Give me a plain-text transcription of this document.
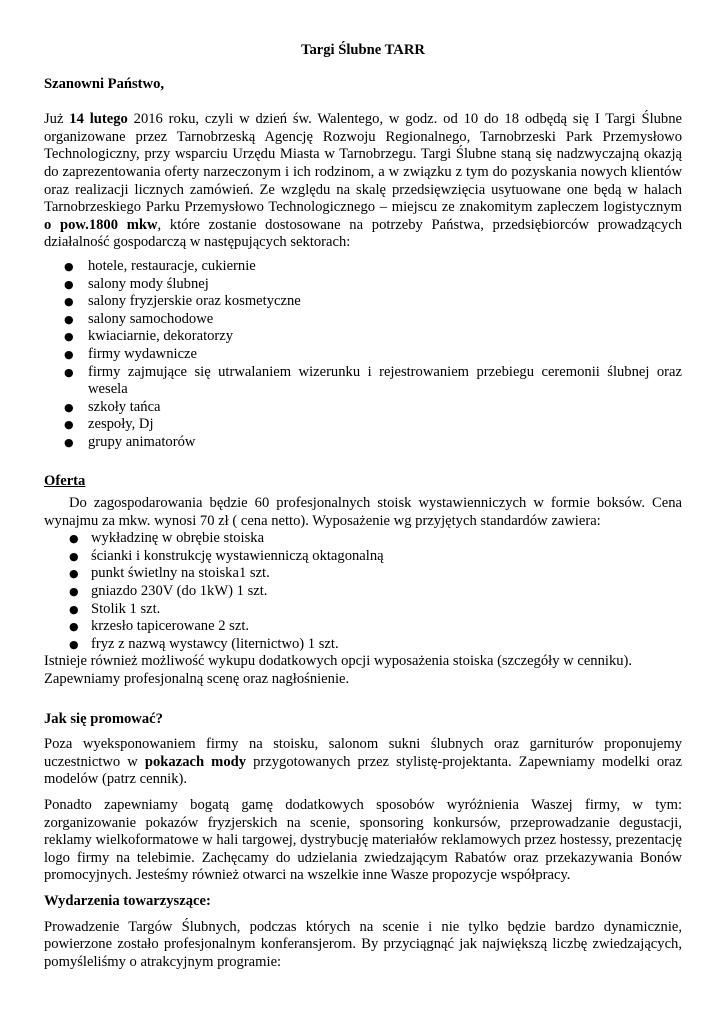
Targi Ślubne TARR

Szanowni Państwo,

Już 14 lutego 2016 roku, czyli w dzień św. Walentego, w godz. od 10 do 18 odbędą się I Targi Ślubne organizowane przez Tarnobrzeską Agencję Rozwoju Regionalnego, Tarnobrzeski Park Przemysłowo Technologiczny, przy wsparciu Urzędu Miasta w Tarnobrzegu. Targi Ślubne staną się nadzwyczajną okazją do zaprezentowania oferty narzeczonym i ich rodzinom, a w związku z tym do pozyskania nowych klientów oraz realizacji licznych zamówień. Ze względu na skalę przedsięwzięcia usytuowane one będą w halach Tarnobrzeskiego Parku Przemysłowo Technologicznego – miejscu ze znakomitym zapleczem logistycznym o pow.1800 mkw, które zostanie dostosowane na potrzeby Państwa, przedsiębiorców prowadzących działalność gospodarczą w następujących sektorach:

● hotele, restauracje, cukiernie
● salony mody ślubnej
● salony fryzjerskie oraz kosmetyczne
● salony samochodowe
● kwiaciarnie, dekoratorzy
● firmy wydawnicze
● firmy zajmujące się utrwalaniem wizerunku i rejestrowaniem przebiegu ceremonii ślubnej oraz wesela
● szkoły tańca
● zespoły, Dj
● grupy animatorów

Oferta

Do zagospodarowania będzie 60 profesjonalnych stoisk wystawienniczych w formie boksów. Cena wynajmu za mkw. wynosi 70 zł ( cena netto). Wyposażenie wg przyjętych standardów zawiera:

● wykładzinę w obrębie stoiska
● ścianki i konstrukcję wystawienniczą oktagonalną
● punkt świetlny na stoiska1 szt.
● gniazdo 230V (do 1kW) 1 szt.
● Stolik 1 szt.
● krzesło tapicerowane 2 szt.
● fryz z nazwą wystawcy (liternictwo) 1 szt.

Istnieje również możliwość wykupu dodatkowych opcji wyposażenia stoiska (szczegóły w cenniku).

Zapewniamy profesjonalną scenę oraz nagłośnienie.

Jak się promować?

Poza wyeksponowaniem firmy na stoisku, salonom sukni ślubnych oraz garniturów proponujemy uczestnictwo w pokazach mody przygotowanych przez stylistę-projektanta. Zapewniamy modelki oraz modelów (patrz cennik).

Ponadto zapewniamy bogatą gamę dodatkowych sposobów wyróżnienia Waszej firmy, w tym: zorganizowanie pokazów fryzjerskich na scenie, sponsoring konkursów, przeprowadzanie degustacji, reklamy wielkoformatowe w hali targowej, dystrybucję materiałów reklamowych przez hostessy, prezentację logo firmy na telebimie. Zachęcamy do udzielania zwiedzającym Rabatów oraz przekazywania Bonów promocyjnych. Jesteśmy również otwarci na wszelkie inne Wasze propozycje współpracy.

Wydarzenia towarzyszące:

Prowadzenie Targów Ślubnych, podczas których na scenie i nie tylko będzie bardzo dynamicznie, powierzone zostało profesjonalnym konferansjerom. By przyciągnąć jak największą liczbę zwiedzających, pomyśleliśmy o atrakcyjnym programie:
